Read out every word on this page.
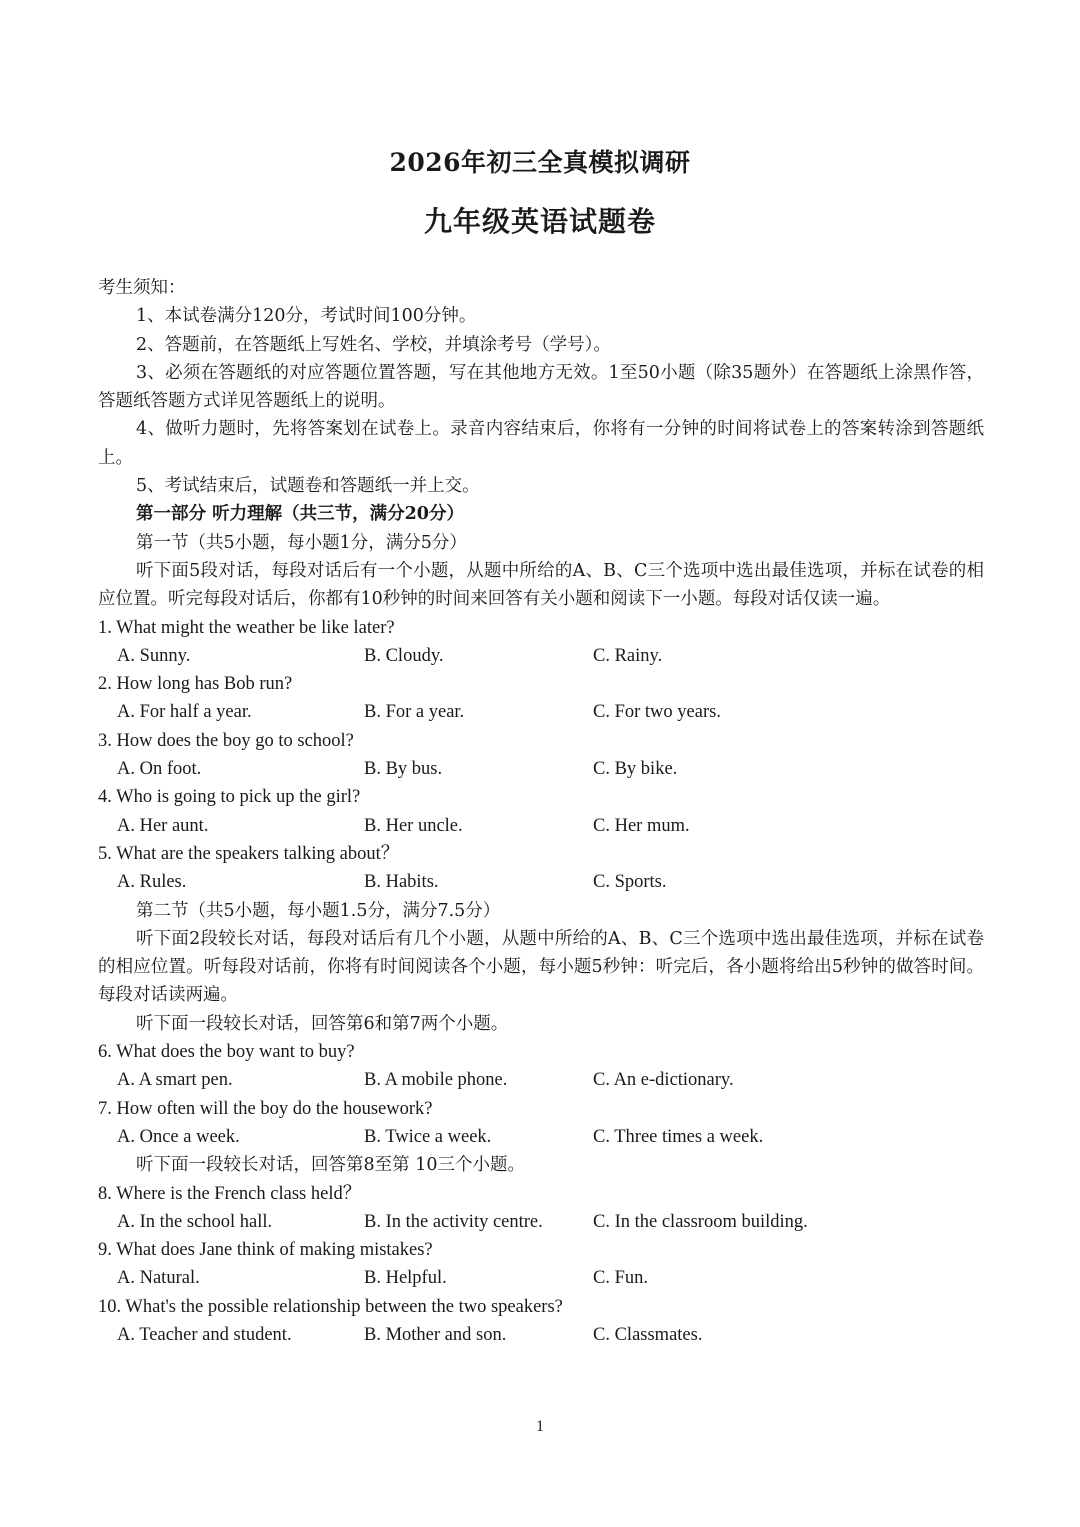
2026年初三全真模拟调研
九年级英语试题卷
考生须知：
1、本试卷满分120分，考试时间100分钟。
2、答题前，在答题纸上写姓名、学校，并填涂考号（学号）。
3、必须在答题纸的对应答题位置答题，写在其他地方无效。1至50小题（除35题外）在答题纸上涂黑作答，答题纸答题方式详见答题纸上的说明。
4、做听力题时，先将答案划在试卷上。录音内容结束后，你将有一分钟的时间将试卷上的答案转涂到答题纸上。
5、考试结束后，试题卷和答题纸一并上交。
第一部分 听力理解（共三节，满分20分）
第一节（共5小题，每小题1分，满分5分）
听下面5段对话，每段对话后有一个小题，从题中所给的A、B、C三个选项中选出最佳选项，并标在试卷的相应位置。听完每段对话后，你都有10秒钟的时间来回答有关小题和阅读下一小题。每段对话仅读一遍。
1. What might the weather be like later?
A. Sunny.	B. Cloudy.	C. Rainy.
2. How long has Bob run?
A. For half a year.	B. For a year.	C. For two years.
3. How does the boy go to school?
A. On foot.	B. By bus.	C. By bike.
4. Who is going to pick up the girl?
A. Her aunt.	B. Her uncle.	C. Her mum.
5. What are the speakers talking about？
A. Rules.	B. Habits.	C. Sports.
第二节（共5小题，每小题1.5分，满分7.5分）
听下面2段较长对话，每段对话后有几个小题，从题中所给的A、B、C三个选项中选出最佳选项，并标在试卷的相应位置。听每段对话前，你将有时间阅读各个小题，每小题5秒钟：听完后，各小题将给出5秒钟的做答时间。每段对话读两遍。
听下面一段较长对话，回答第6和第7两个小题。
6. What does the boy want to buy?
A. A smart pen.	B. A mobile phone.	C. An e-dictionary.
7. How often will the boy do the housework?
A. Once a week.	B. Twice a week.	C. Three times a week.
听下面一段较长对话，回答第8至第 10三个小题。
8. Where is the French class held？
A. In the school hall.	B. In the activity centre.	C. In the classroom building.
9. What does Jane think of making mistakes?
A. Natural.	B. Helpful.	C. Fun.
10. What's the possible relationship between the two speakers?
A. Teacher and student.	B. Mother and son.	C. Classmates.
1
